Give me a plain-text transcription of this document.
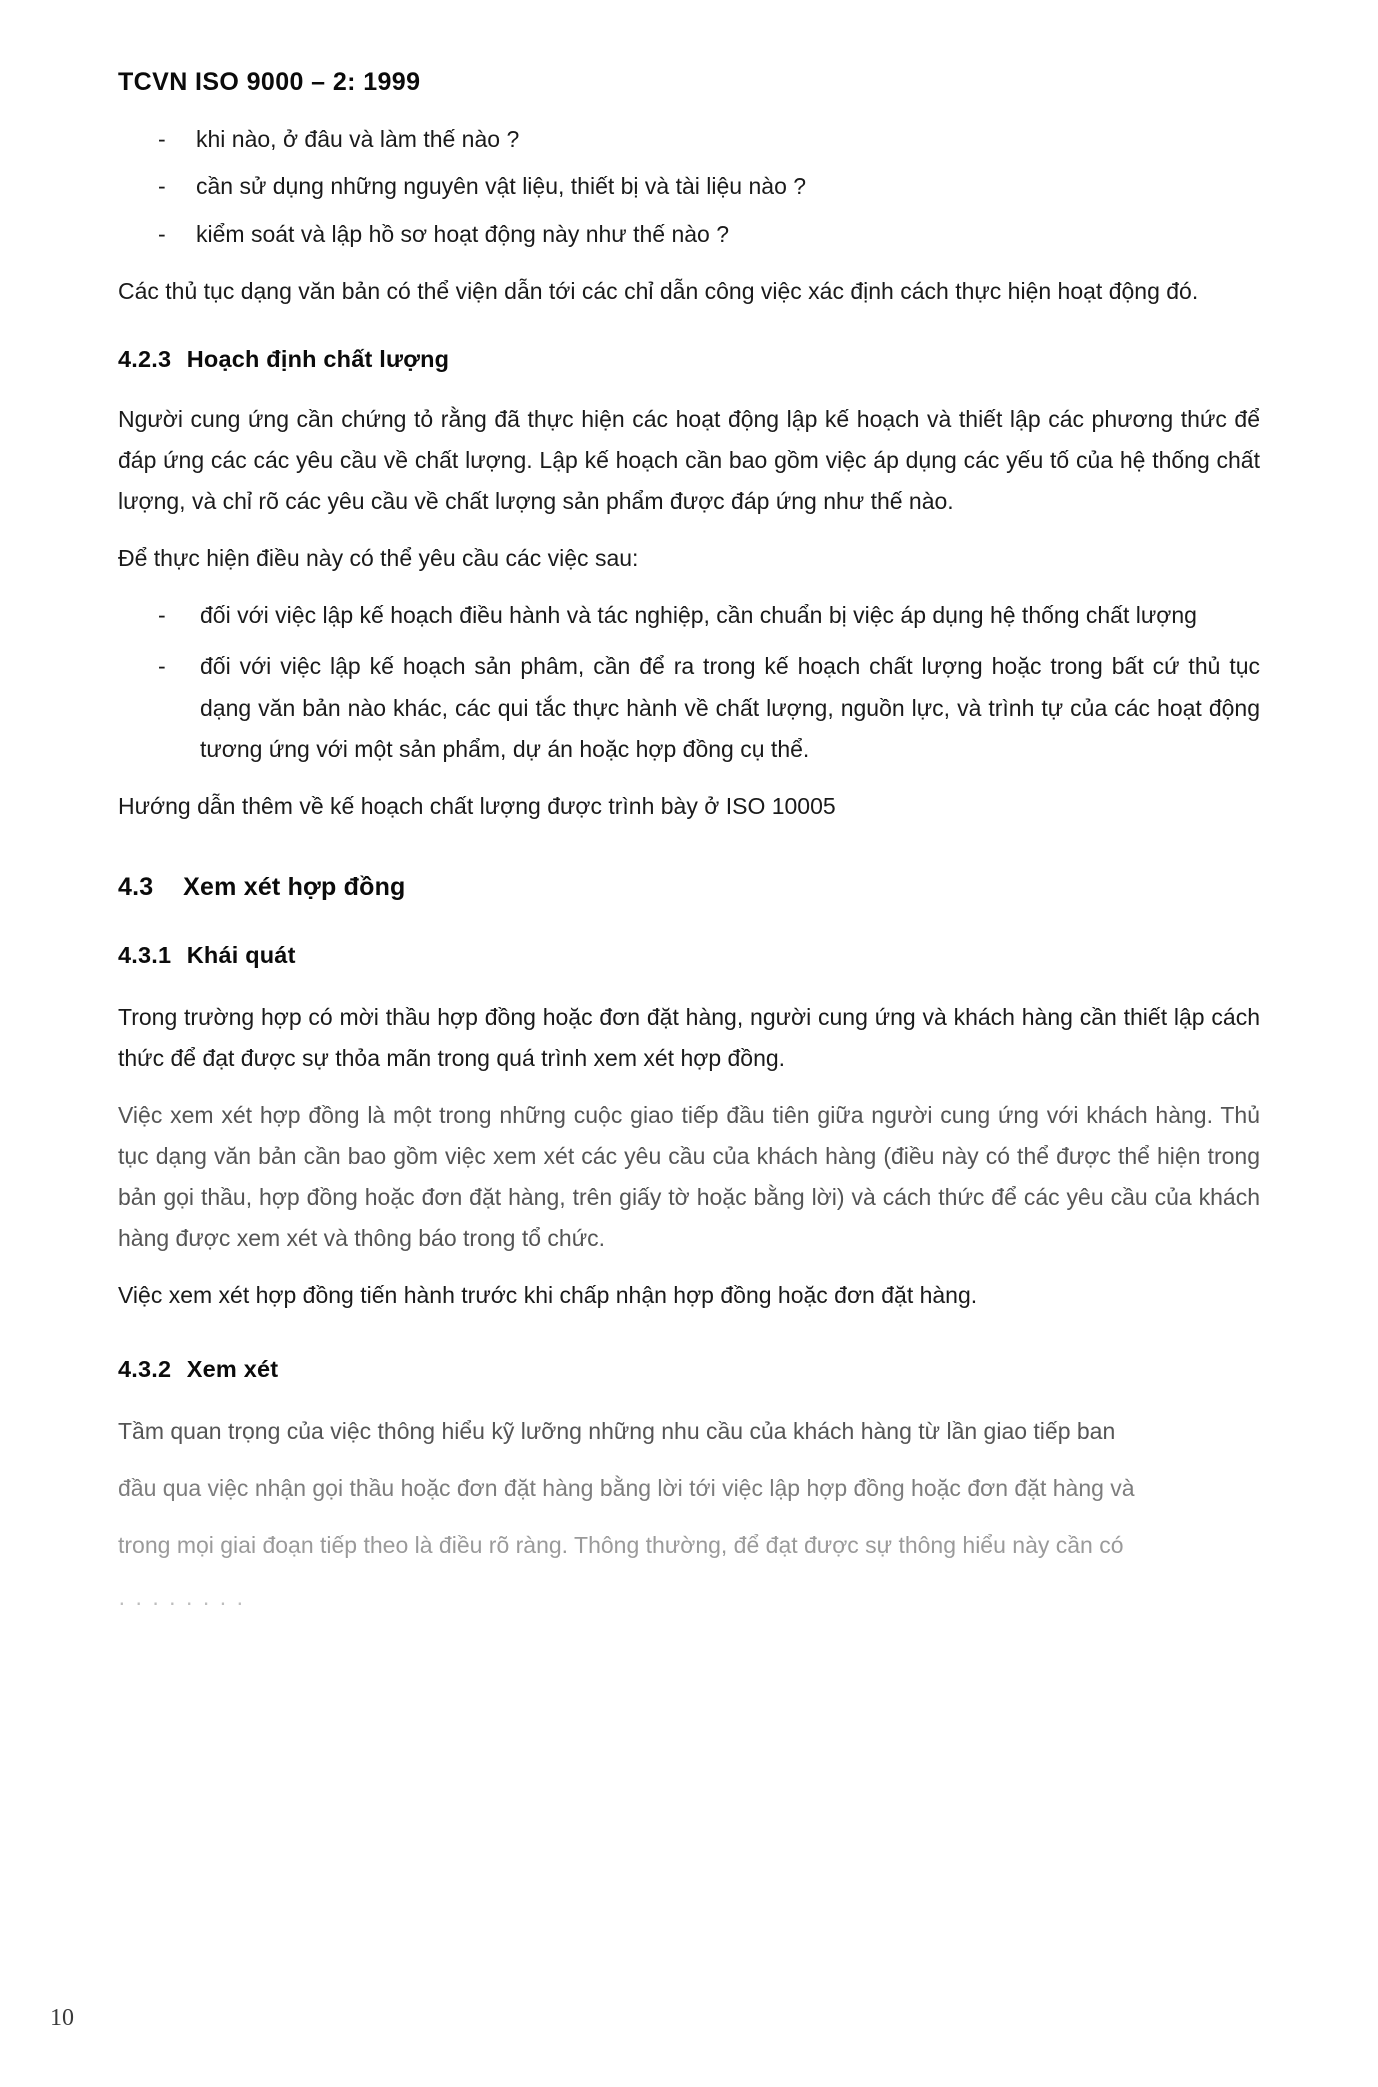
TCVN ISO 9000 – 2: 1999
- khi nào, ở đâu và làm thế nào ?
- cần sử dụng những nguyên vật liệu, thiết bị và tài liệu nào ?
- kiểm soát và lập hồ sơ hoạt động này như thế nào ?

Các thủ tục dạng văn bản có thể viện dẫn tới các chỉ dẫn công việc xác định cách thực hiện hoạt động đó.

4.2.3 Hoạch định chất lượng

Người cung ứng cần chứng tỏ rằng đã thực hiện các hoạt động lập kế hoạch và thiết lập các phương thức để đáp ứng các các yêu cầu về chất lượng. Lập kế hoạch cần bao gồm việc áp dụng các yếu tố của hệ thống chất lượng, và chỉ rõ các yêu cầu về chất lượng sản phẩm được đáp ứng như thế nào.

Để thực hiện điều này có thể yêu cầu các việc sau:

- đối với việc lập kế hoạch điều hành và tác nghiệp, cần chuẩn bị việc áp dụng hệ thống chất lượng
- đối với việc lập kế hoạch sản phâm, cần để ra trong kế hoạch chất lượng hoặc trong bất cứ thủ tục dạng văn bản nào khác, các qui tắc thực hành về chất lượng, nguồn lực, và trình tự của các hoạt động tương ứng với một sản phẩm, dự án hoặc hợp đồng cụ thể.

Hướng dẫn thêm về kế hoạch chất lượng được trình bày ở ISO 10005

4.3 Xem xét hợp đồng
4.3.1 Khái quát

Trong trường hợp có mời thầu hợp đồng hoặc đơn đặt hàng, người cung ứng và khách hàng cần thiết lập cách thức để đạt được sự thỏa mãn trong quá trình xem xét hợp đồng.

Việc xem xét hợp đồng là một trong những cuộc giao tiếp đầu tiên giữa người cung ứng với khách hàng. Thủ tục dạng văn bản cần bao gồm việc xem xét các yêu cầu của khách hàng (điều này có thể được thể hiện trong bản gọi thầu, hợp đồng hoặc đơn đặt hàng, trên giấy tờ hoặc bằng lời) và cách thức để các yêu cầu của khách hàng được xem xét và thông báo trong tổ chức.

Việc xem xét hợp đồng tiến hành trước khi chấp nhận hợp đồng hoặc đơn đặt hàng.

4.3.2 Xem xét

Tầm quan trọng của việc thông hiểu kỹ lưỡng những nhu cầu của khách hàng từ lần giao tiếp ban

đầu qua việc nhận gọi thầu hoặc đơn đặt hàng bằng lời tới việc lập hợp đồng hoặc đơn đặt hàng và

trong mọi giai đoạn tiếp theo là điều rõ ràng. Thông thường, để đạt được sự thông hiểu này cần có

· · · · · · · ·

10
